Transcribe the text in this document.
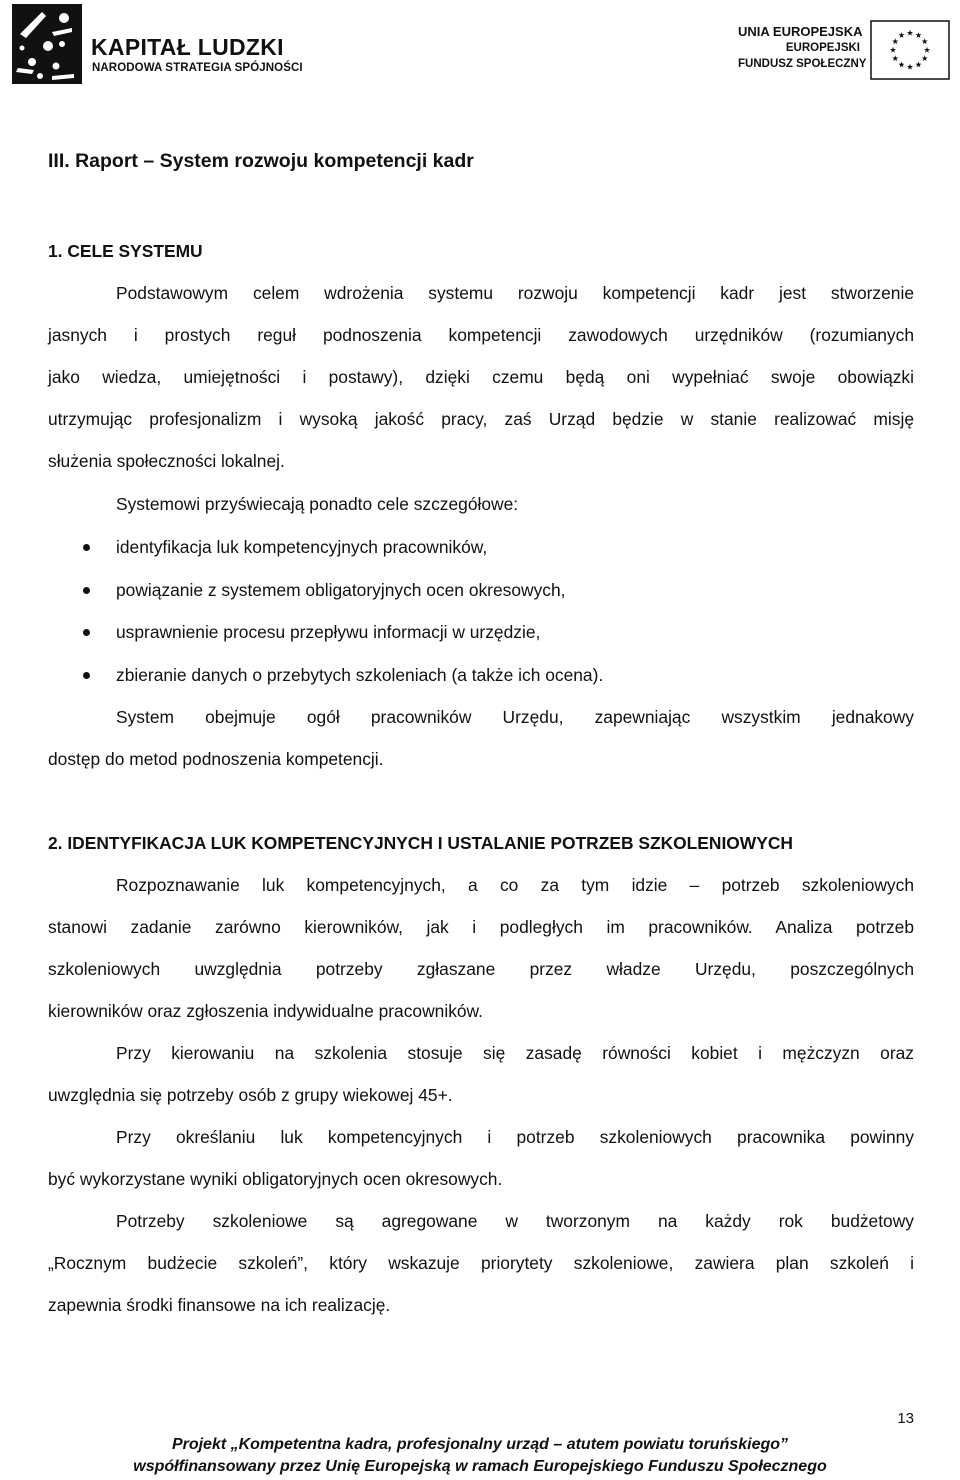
KAPITAŁ LUDZKI
NARODOWA STRATEGIA SPÓJNOŚCI
UNIA EUROPEJSKA
EUROPEJSKI
FUNDUSZ SPOŁECZNY
III. Raport – System rozwoju kompetencji kadr
1. CELE SYSTEMU
Podstawowym celem wdrożenia systemu rozwoju kompetencji kadr jest stworzenie
jasnych i prostych reguł podnoszenia kompetencji zawodowych urzędników (rozumianych
jako wiedza, umiejętności i postawy), dzięki czemu będą oni wypełniać swoje obowiązki
utrzymując profesjonalizm i wysoką jakość pracy, zaś Urząd będzie w stanie realizować misję
służenia społeczności lokalnej.
Systemowi przyświecają ponadto cele szczegółowe:
identyfikacja luk kompetencyjnych pracowników,
powiązanie z systemem obligatoryjnych ocen okresowych,
usprawnienie procesu przepływu informacji w urzędzie,
zbieranie danych o przebytych szkoleniach (a także ich ocena).
System obejmuje ogół pracowników Urzędu, zapewniając wszystkim jednakowy
dostęp do metod podnoszenia kompetencji.
2. IDENTYFIKACJA LUK KOMPETENCYJNYCH I USTALANIE POTRZEB SZKOLENIOWYCH
Rozpoznawanie luk kompetencyjnych, a co za tym idzie – potrzeb szkoleniowych
stanowi zadanie zarówno kierowników, jak i podległych im pracowników. Analiza potrzeb
szkoleniowych uwzględnia potrzeby zgłaszane przez władze Urzędu, poszczególnych
kierowników oraz zgłoszenia indywidualne pracowników.
Przy kierowaniu na szkolenia stosuje się zasadę równości kobiet i mężczyzn oraz
uwzględnia się potrzeby osób z grupy wiekowej 45+.
Przy określaniu luk kompetencyjnych i potrzeb szkoleniowych pracownika powinny
być wykorzystane wyniki obligatoryjnych ocen okresowych.
Potrzeby szkoleniowe są agregowane w tworzonym na każdy rok budżetowy
„Rocznym budżecie szkoleń”, który wskazuje priorytety szkoleniowe, zawiera plan szkoleń i
zapewnia środki finansowe na ich realizację.
13
Projekt „Kompetentna kadra, profesjonalny urząd – atutem powiatu toruńskiego”
współfinansowany przez Unię Europejską w ramach Europejskiego Funduszu Społecznego
